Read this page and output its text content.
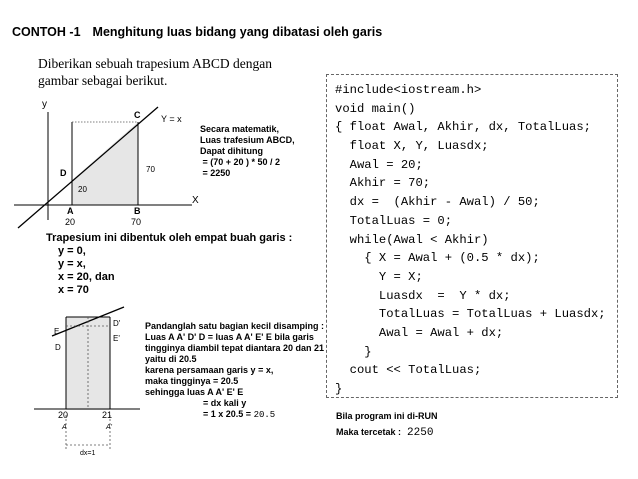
CONTOH -1 Menghitung luas bidang yang dibatasi oleh garis
Diberikan sebuah trapesium ABCD dengan
gambar sebagai berikut.
y
X
Y = x
C
D
A	B
20	70
20
70
E
D
D'
E'
20	21
A	A'
dx=1
Secara matematik,
Luas trafesium ABCD,
Dapat dihitung
= (70 + 20 ) * 50 / 2
= 2250
Trapesium ini dibentuk oleh empat buah garis :
y = 0,
y = x,
x = 20, dan
x = 70
Pandanglah satu bagian kecil disamping :
Luas A A' D' D = luas A A' E' E bila garis
tingginya diambil tepat diantara 20 dan 21
yaitu di 20.5
karena persamaan garis y = x,
maka tingginya = 20.5
sehingga luas A A' E' E
= dx kali y
= 1 x 20.5 = 20.5
#include<iostream.h>
void main()
{ float Awal, Akhir, dx, TotalLuas;
float X, Y, Luasdx;
Awal = 20;
Akhir = 70;
dx =  (Akhir - Awal) / 50;
TotalLuas = 0;
while(Awal < Akhir)
{ X = Awal + (0.5 * dx);
Y = X;
Luasdx  =  Y * dx;
TotalLuas = TotalLuas + Luasdx;
Awal = Awal + dx;
}
cout << TotalLuas;
}
Bila program ini di-RUN
Maka tercetak : 2250
